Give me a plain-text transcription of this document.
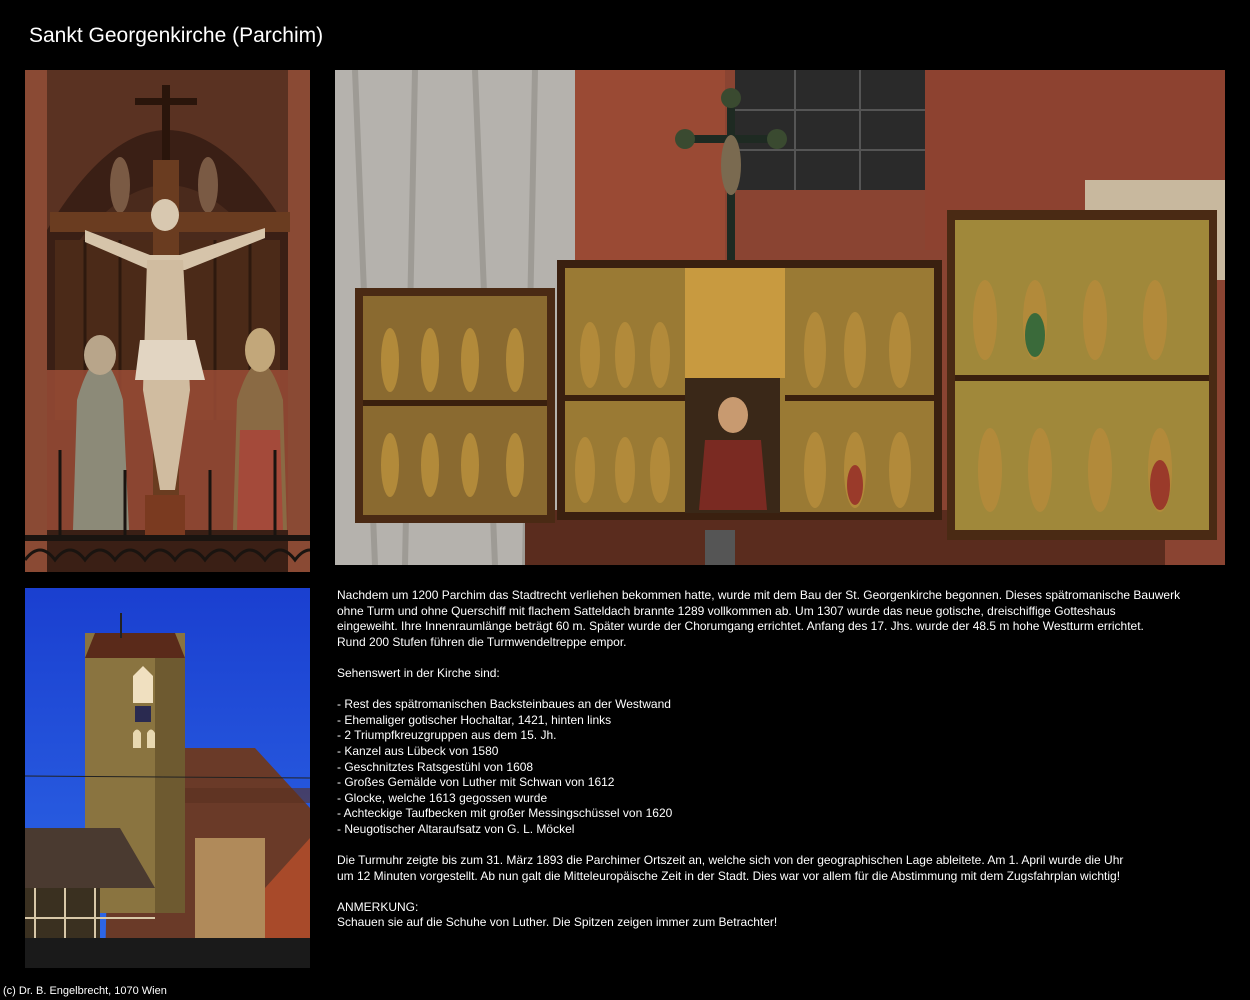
Sankt Georgenkirche (Parchim)

Nachdem um 1200 Parchim das Stadtrecht verliehen bekommen hatte, wurde mit dem Bau der St. Georgenkirche begonnen. Dieses spätromanische Bauwerk

ohne Turm und ohne Querschiff mit flachem Satteldach brannte 1289 vollkommen ab. Um 1307 wurde das neue gotische, dreischiffige Gotteshaus

eingeweiht. Ihre Innenraumlänge beträgt 60 m. Später wurde der Chorumgang errichtet. Anfang des 17. Jhs. wurde der 48.5 m hohe Westturm errichtet.

Rund 200 Stufen führen die Turmwendeltreppe empor.

Sehenswert in der Kirche sind:

- Rest des spätromanischen Backsteinbaues an der Westwand

- Ehemaliger gotischer Hochaltar, 1421, hinten links

- 2 Triumpfkreuzgruppen aus dem 15. Jh.

- Kanzel aus Lübeck von 1580

- Geschnitztes Ratsgestühl von 1608

- Großes Gemälde von Luther mit Schwan von 1612

- Glocke, welche 1613 gegossen wurde

- Achteckige Taufbecken mit großer Messingschüssel von 1620

- Neugotischer Altaraufsatz von G. L. Möckel

Die Turmuhr zeigte bis zum 31. März 1893 die Parchimer Ortszeit an, welche sich von der geographischen Lage ableitete. Am 1. April wurde die Uhr

um 12 Minuten vorgestellt. Ab nun galt die Mitteleuropäische Zeit in der Stadt. Dies war vor allem für die Abstimmung mit dem Zugsfahrplan wichtig!

ANMERKUNG:

Schauen sie auf die Schuhe von Luther. Die Spitzen zeigen immer zum Betrachter!

(c) Dr. B. Engelbrecht, 1070 Wien
